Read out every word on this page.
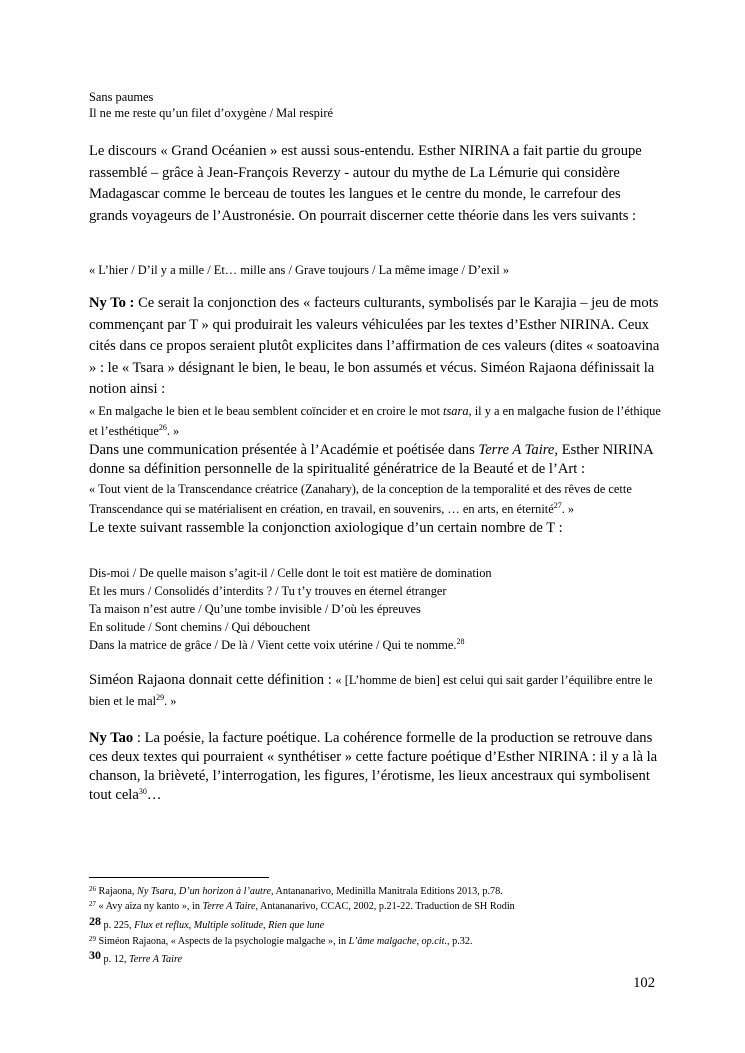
Sans paumes
Il ne me reste qu’un filet d’oxygène / Mal respiré

Le discours « Grand Océanien » est aussi sous-entendu. Esther NIRINA a fait partie du groupe rassemblé – grâce à Jean-François Reverzy - autour du mythe de La Lémurie qui considère Madagascar comme le berceau de toutes les langues et le centre du monde, le carrefour des grands voyageurs de l’Austronésie. On pourrait discerner cette théorie dans les vers suivants :

« L’hier / D’il y a mille / Et… mille ans / Grave toujours / La même image / D’exil »

Ny To : Ce serait la conjonction des « facteurs culturants, symbolisés par le Karajia – jeu de mots commençant par T » qui produirait les valeurs véhiculées par les textes d’Esther NIRINA. Ceux cités dans ce propos seraient plutôt explicites dans l’affirmation de ces valeurs (dites « soatoavina » : le « Tsara » désignant le bien, le beau, le bon assumés et vécus. Siméon Rajaona définissait la notion ainsi :

« En malgache le bien et le beau semblent coïncider et en croire le mot tsara, il y a en malgache fusion de l’éthique et l’esthétique$^{26}$. »

Dans une communication présentée à l’Académie et poétisée dans Terre A Taire, Esther NIRINA donne sa définition personnelle de la spiritualité génératrice de la Beauté et de l’Art :

« Tout vient de la Transcendance créatrice (Zanahary), de la conception de la temporalité et des rêves de cette Transcendance qui se matérialisent en création, en travail, en souvenirs, … en arts, en éternité$^{27}$. »

Le texte suivant rassemble la conjonction axiologique d’un certain nombre de T :

Dis-moi / De quelle maison s’agit-il / Celle dont le toit est matière de domination
Et les murs / Consolidés d’interdits ? / Tu t’y trouves en éternel étranger
Ta maison n’est autre / Qu’une tombe invisible / D’où les épreuves
En solitude / Sont chemins / Qui débouchent
Dans la matrice de grâce / De là / Vient cette voix utérine / Qui te nomme.$^{28}$

Siméon Rajaona donnait cette définition : « [L’homme de bien] est celui qui sait garder l’équilibre entre le bien et le mal$^{29}$. »

Ny Tao : La poésie, la facture poétique. La cohérence formelle de la production se retrouve dans ces deux textes qui pourraient « synthétiser » cette facture poétique d’Esther NIRINA : il y a là la chanson, la brièveté, l’interrogation, les figures, l’érotisme, les lieux ancestraux qui symbolisent tout cela$^{30}$…

$^{26}$ Rajaona, Ny Tsara, D’un horizon à l’autre, Antananarivo, Medinilla Manitrala Editions 2013, p.78.
$^{27}$ « Avy aiza ny kanto », in Terre A Taire, Antananarivo, CCAC, 2002, p.21-22. Traduction de SH Rodin
28 p. 225, Flux et reflux, Multiple solitude, Rien que lune
$^{29}$ Siméon Rajaona, « Aspects de la psychologie malgache », in L’âme malgache, op.cit., p.32.
30 p. 12, Terre A Taire
102
